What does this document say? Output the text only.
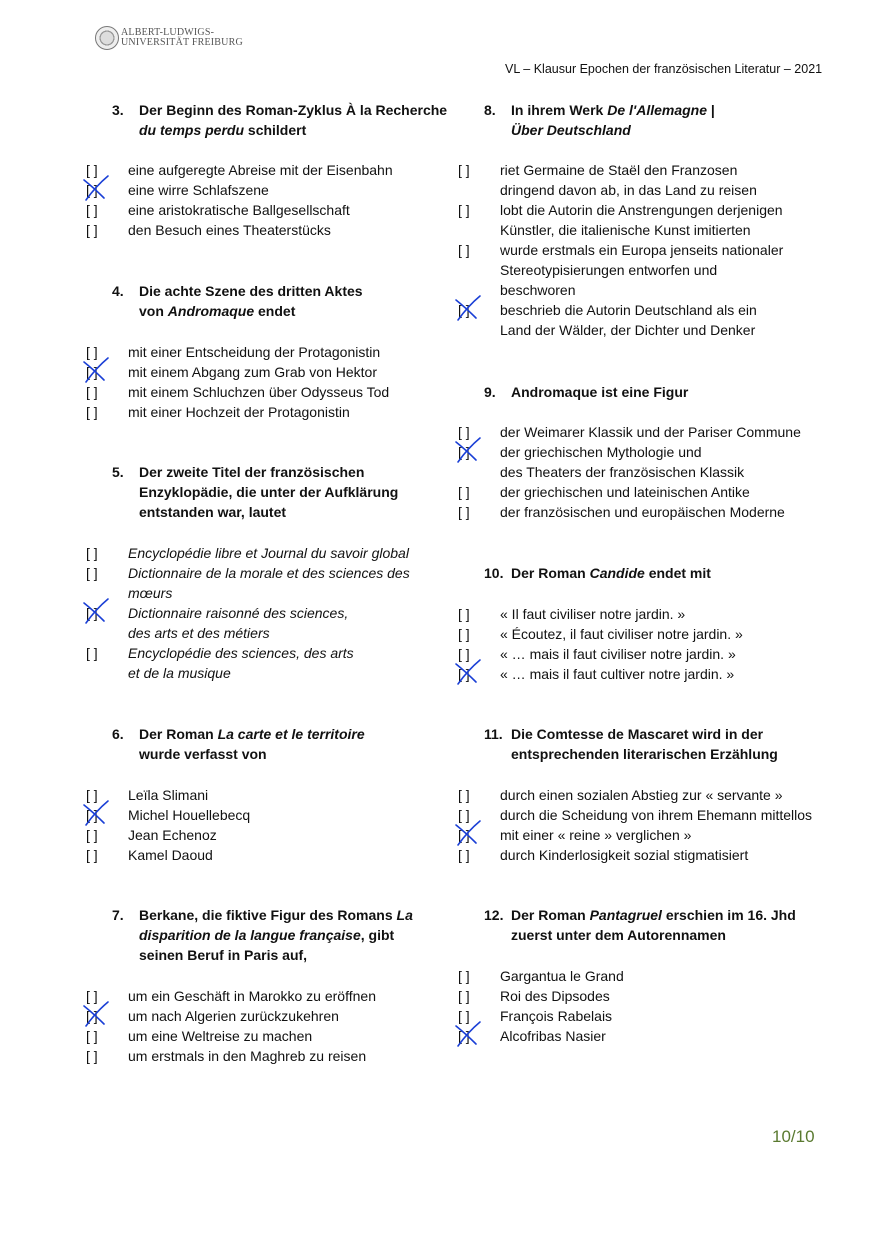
ALBERT-LUDWIGS-
UNIVERSITÄT FREIBURG
VL – Klausur Epochen der französischen Literatur – 2021
3. Der Beginn des Roman-Zyklus À la Recherche
du temps perdu schildert
[ ]	eine aufgeregte Abreise mit der Eisenbahn
[ ]	eine wirre Schlafszene
[ ]	eine aristokratische Ballgesellschaft
[ ]	den Besuch eines Theaterstücks
4. Die achte Szene des dritten Aktes
von Andromaque endet
[ ]	mit einer Entscheidung der Protagonistin
[ ]	mit einem Abgang zum Grab von Hektor
[ ]	mit einem Schluchzen über Odysseus Tod
[ ]	mit einer Hochzeit der Protagonistin
5. Der zweite Titel der französischen
Enzyklopädie, die unter der Aufklärung
entstanden war, lautet
[ ]	Encyclopédie libre et Journal du savoir global
[ ]	Dictionnaire de la morale et des sciences des
mœurs
[ ]	Dictionnaire raisonné des sciences,
des arts et des métiers
[ ]	Encyclopédie des sciences, des arts
et de la musique
6. Der Roman La carte et le territoire
wurde verfasst von
[ ]	Leïla Slimani
[ ]	Michel Houellebecq
[ ]	Jean Echenoz
[ ]	Kamel Daoud
7. Berkane, die fiktive Figur des Romans La
disparition de la langue française, gibt
seinen Beruf in Paris auf,
[ ]	um ein Geschäft in Marokko zu eröffnen
[ ]	um nach Algerien zurückzukehren
[ ]	um eine Weltreise zu machen
[ ]	um erstmals in den Maghreb zu reisen
8. In ihrem Werk De l'Allemagne |
Über Deutschland
[ ]	riet Germaine de Staël den Franzosen
dringend davon ab, in das Land zu reisen
[ ]	lobt die Autorin die Anstrengungen derjenigen
Künstler, die italienische Kunst imitierten
[ ]	wurde erstmals ein Europa jenseits nationaler
Stereotypisierungen entworfen und
beschworen
[ ]	beschrieb die Autorin Deutschland als ein
Land der Wälder, der Dichter und Denker
9. Andromaque ist eine Figur
[ ]	der Weimarer Klassik und der Pariser Commune
[ ]	der griechischen Mythologie und
des Theaters der französischen Klassik
[ ]	der griechischen und lateinischen Antike
[ ]	der französischen und europäischen Moderne
10. Der Roman Candide endet mit
[ ]	« Il faut civiliser notre jardin. »
[ ]	« Écoutez, il faut civiliser notre jardin. »
[ ]	« … mais il faut civiliser notre jardin. »
[ ]	« … mais il faut cultiver notre jardin. »
11. Die Comtesse de Mascaret wird in der
entsprechenden literarischen Erzählung
[ ]	durch einen sozialen Abstieg zur « servante »
[ ]	durch die Scheidung von ihrem Ehemann mittellos
[ ]	mit einer « reine » verglichen »
[ ]	durch Kinderlosigkeit sozial stigmatisiert
12. Der Roman Pantagruel erschien im 16. Jhd
zuerst unter dem Autorennamen
[ ]	Gargantua le Grand
[ ]	Roi des Dipsodes
[ ]	François Rabelais
[ ]	Alcofribas Nasier
10/10
